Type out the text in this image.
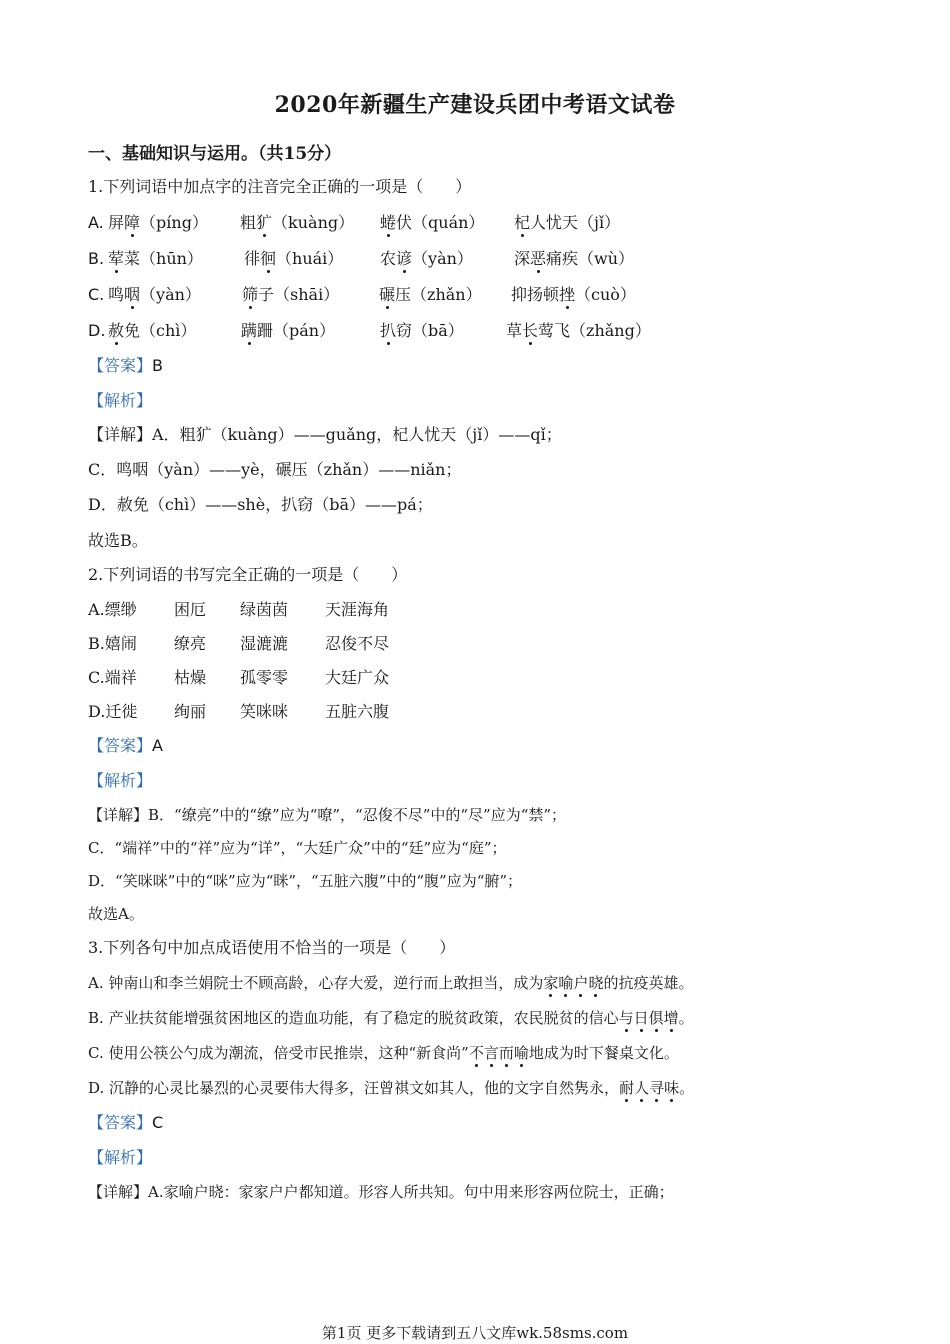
2020年新疆生产建设兵团中考语文试卷
一、基础知识与运用。（共15分）
1.下列词语中加点字的注音完全正确的一项是（　　）
A. 屏障（píng）	粗犷（kuàng）	蜷伏（quán）	杞人忧天（jǐ）
B. 荤菜（hūn）	徘徊（huái）	农谚（yàn）	深恶痛疾（wù）
C. 鸣咽（yàn）	筛子（shāi）	碾压（zhǎn）	抑扬顿挫（cuò）
D. 赦免（chì）	蹒跚（pán）	扒窃（bā）	草长莺飞（zhǎng）
【答案】B
【解析】
【详解】A．粗犷（kuàng）——guǎng，杞人忧天（jǐ）——qǐ；
C．鸣咽（yàn）——yè，碾压（zhǎn）——niǎn；
D．赦免（chì）——shè，扒窃（bā）——pá；
故选B。
2.下列词语的书写完全正确的一项是（　　）
A.缥缈 困厄 绿茵茵 天涯海角
B.嬉闹 缭亮 湿漉漉 忍俊不尽
C.端祥 枯燥 孤零零 大廷广众
D.迁徙 绚丽 笑咪咪 五脏六腹
【答案】A
【解析】
【详解】B．“缭亮”中的“缭”应为“嘹”，“忍俊不尽”中的“尽”应为“禁”；
C．“端祥”中的“祥”应为“详”，“大廷广众”中的“廷”应为“庭”；
D．“笑咪咪”中的“咪”应为“眯”，“五脏六腹”中的“腹”应为“腑”；
故选A。
3.下列各句中加点成语使用不恰当的一项是（　　）
A. 钟南山和李兰娟院士不顾高龄，心存大爱，逆行而上敢担当，成为家喻户晓的抗疫英雄。
B. 产业扶贫能增强贫困地区的造血功能，有了稳定的脱贫政策，农民脱贫的信心与日俱增。
C. 使用公筷公勺成为潮流，倍受市民推崇，这种“新食尚”不言而喻地成为时下餐桌文化。
D. 沉静的心灵比暴烈的心灵要伟大得多，汪曾祺文如其人，他的文字自然隽永，耐人寻味。
【答案】C
【解析】
【详解】A.家喻户晓：家家户户都知道。形容人所共知。句中用来形容两位院士，正确；
第1页 更多下载请到五八文库wk.58sms.com
